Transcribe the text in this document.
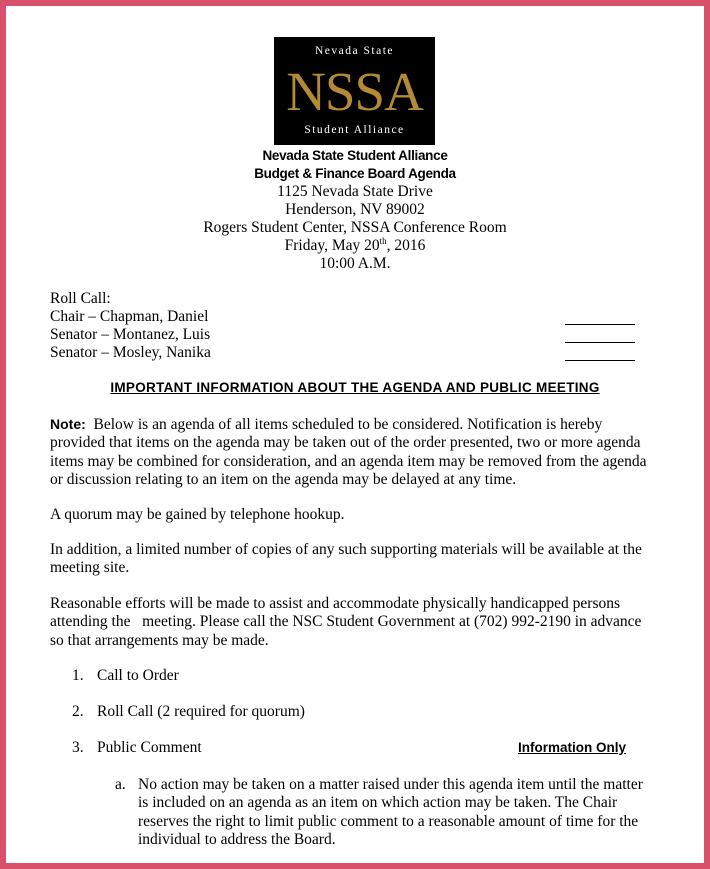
Nevada State
NSSA
Student Alliance
Nevada State Student Alliance
Budget & Finance Board Agenda
1125 Nevada State Drive
Henderson, NV 89002
Rogers Student Center, NSSA Conference Room
Friday, May 20th, 2016
10:00 A.M.
Roll Call:
Chair – Chapman, Daniel
Senator – Montanez, Luis
Senator – Mosley, Nanika
IMPORTANT INFORMATION ABOUT THE AGENDA AND PUBLIC MEETING
Note: Below is an agenda of all items scheduled to be considered. Notification is hereby provided that items on the agenda may be taken out of the order presented, two or more agenda items may be combined for consideration, and an agenda item may be removed from the agenda or discussion relating to an item on the agenda may be delayed at any time.
A quorum may be gained by telephone hookup.
In addition, a limited number of copies of any such supporting materials will be available at the meeting site.
Reasonable efforts will be made to assist and accommodate physically handicapped persons attending the   meeting. Please call the NSC Student Government at (702) 992-2190 in advance so that arrangements may be made.
1. Call to Order
2. Roll Call (2 required for quorum)
3. Public Comment	Information Only
a. No action may be taken on a matter raised under this agenda item until the matter is included on an agenda as an item on which action may be taken. The Chair reserves the right to limit public comment to a reasonable amount of time for the individual to address the Board.
